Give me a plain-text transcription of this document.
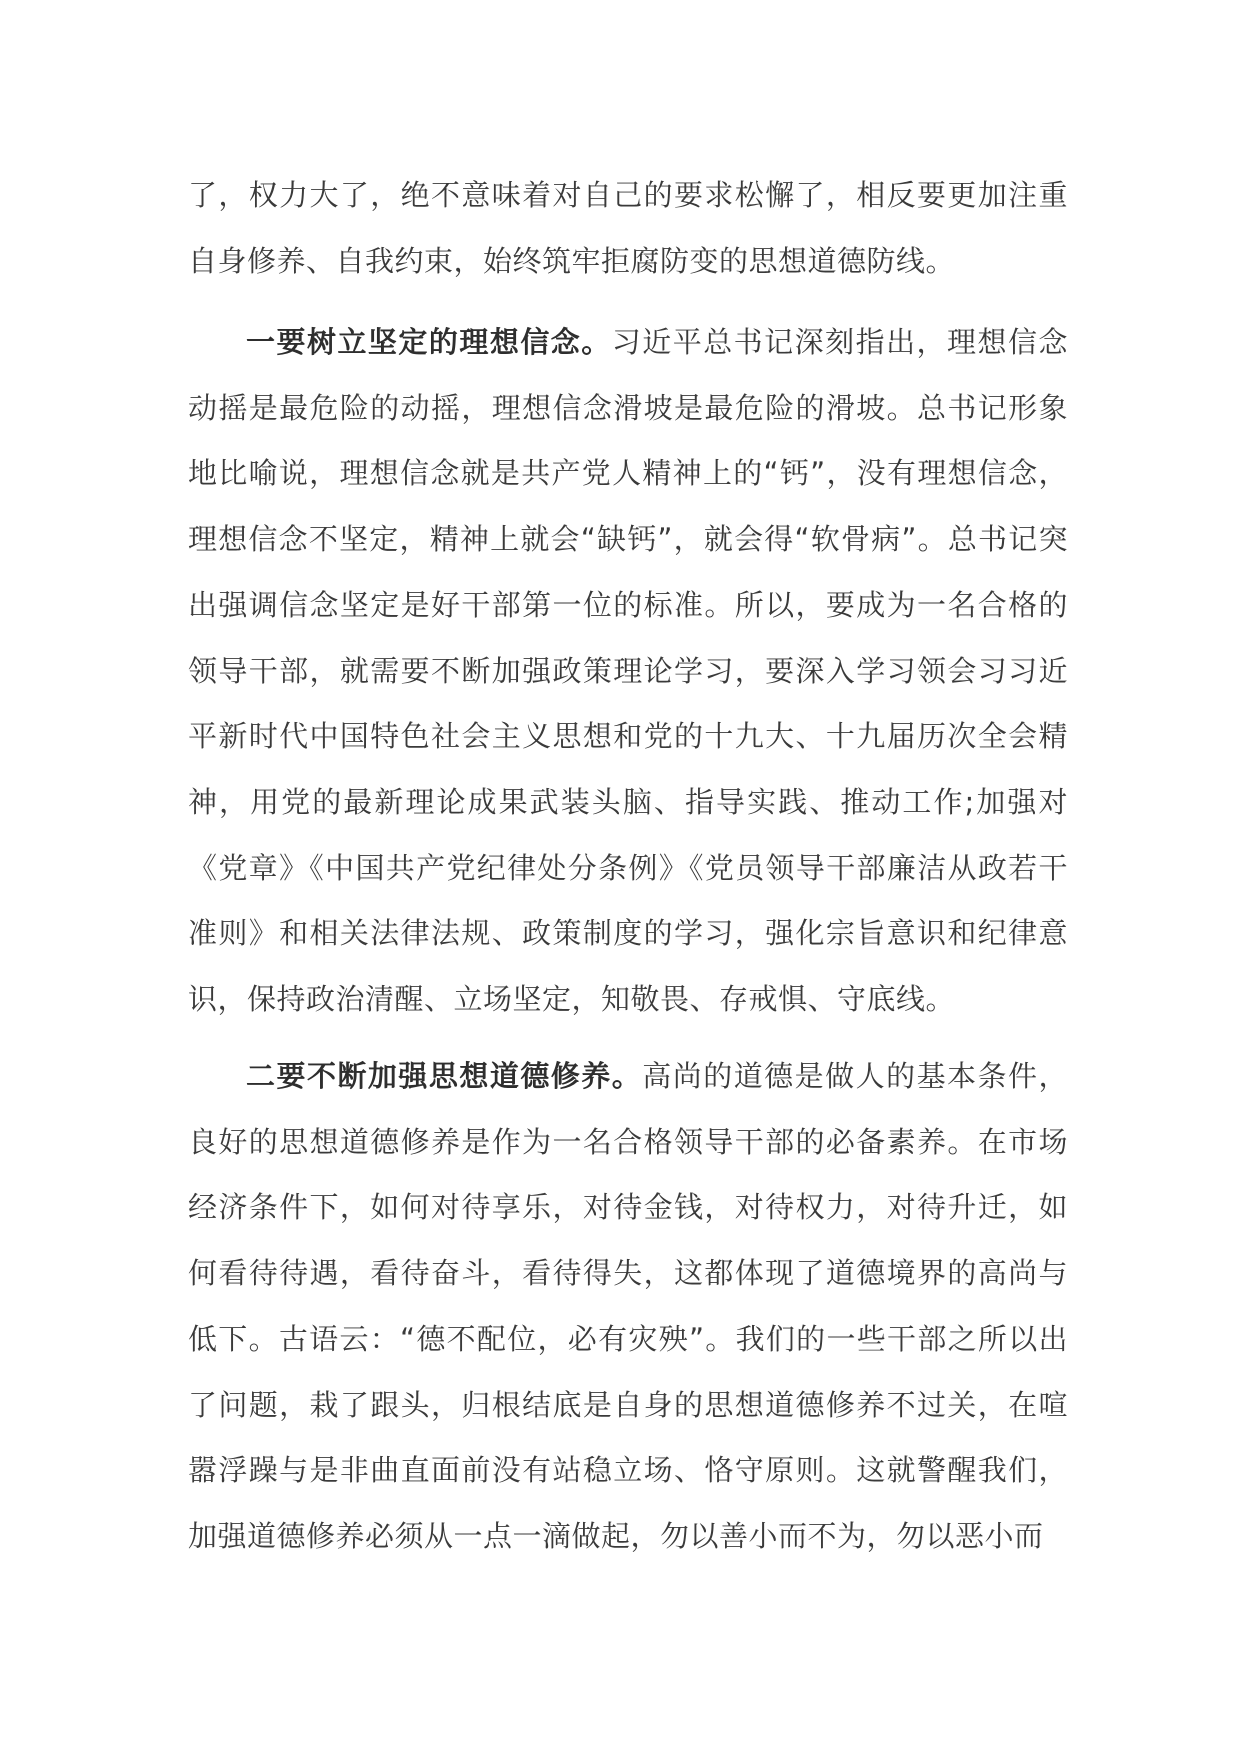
了，权力大了，绝不意味着对自己的要求松懈了，相反要更加注重自身修养、自我约束，始终筑牢拒腐防变的思想道德防线。

一要树立坚定的理想信念。习近平总书记深刻指出，理想信念动摇是最危险的动摇，理想信念滑坡是最危险的滑坡。总书记形象地比喻说，理想信念就是共产党人精神上的“钙”，没有理想信念，理想信念不坚定，精神上就会“缺钙”，就会得“软骨病”。总书记突出强调信念坚定是好干部第一位的标准。所以，要成为一名合格的领导干部，就需要不断加强政策理论学习，要深入学习领会习习近平新时代中国特色社会主义思想和党的十九大、十九届历次全会精神，用党的最新理论成果武装头脑、指导实践、推动工作;加强对《党章》《中国共产党纪律处分条例》《党员领导干部廉洁从政若干准则》和相关法律法规、政策制度的学习，强化宗旨意识和纪律意识，保持政治清醒、立场坚定，知敬畏、存戒惧、守底线。

二要不断加强思想道德修养。高尚的道德是做人的基本条件，良好的思想道德修养是作为一名合格领导干部的必备素养。在市场经济条件下，如何对待享乐，对待金钱，对待权力，对待升迁，如何看待待遇，看待奋斗，看待得失，这都体现了道德境界的高尚与低下。古语云：“德不配位，必有灾殃”。我们的一些干部之所以出了问题，栽了跟头，归根结底是自身的思想道德修养不过关，在喧嚣浮躁与是非曲直面前没有站稳立场、恪守原则。这就警醒我们，加强道德修养必须从一点一滴做起，勿以善小而不为，勿以恶小而
